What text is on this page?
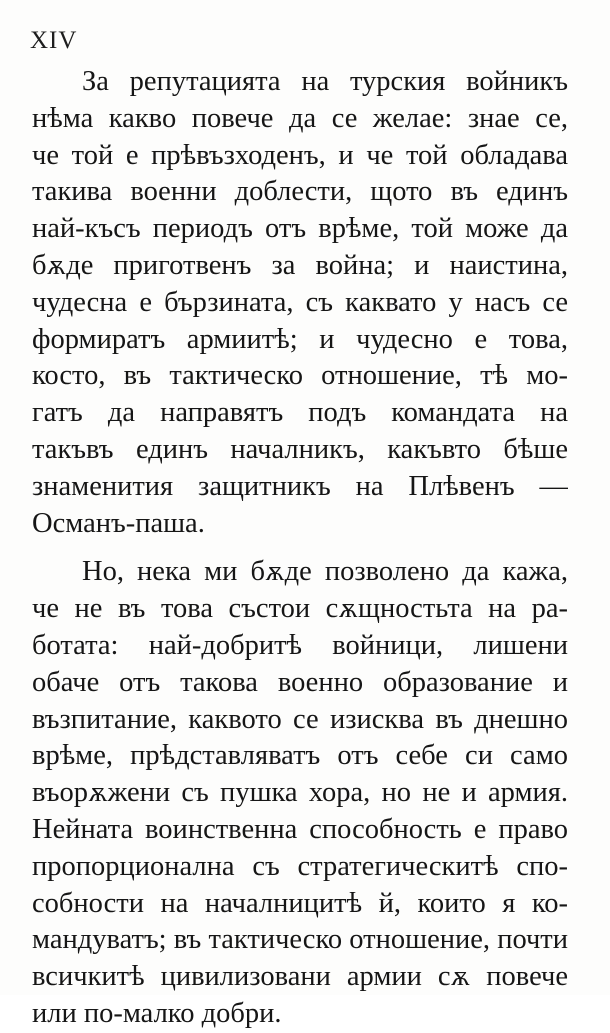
XIV
За репутацията на турския войникъ
нѣма какво повече да се желае: знае се,
че той е прѣвъзходенъ, и че той обладава
такива военни доблести, щото въ единъ
най-късъ периодъ отъ врѣме, той може да
бѫде приготвенъ за война; и наистина,
чудесна е бързината, съ каквато у насъ се
формиратъ армиитѣ; и чудесно е това,
косто, въ тактическо отношение, тѣ мо-
гатъ да направятъ подъ командата на
такъвъ единъ началникъ, какъвто бѣше
знаменития защитникъ на Плѣвенъ —
Османъ-паша.
Но, нека ми бѫде позволено да кажа,
че не въ това състои сѫщностьта на ра-
ботата: най-добритѣ войници, лишени
обаче отъ такова военно образование и
възпитание, каквото се изисква въ днешно
врѣме, прѣдставляватъ отъ себе си само
въорѫжени съ пушка хора, но не и армия.
Нейната воинственна способность е право
пропорционална съ стратегическитѣ спо-
собности на началницитѣ й, които я ко-
мандуватъ; въ тактическо отношение, почти
всичкитѣ цивилизовани армии сѫ повече
или по-малко добри.
